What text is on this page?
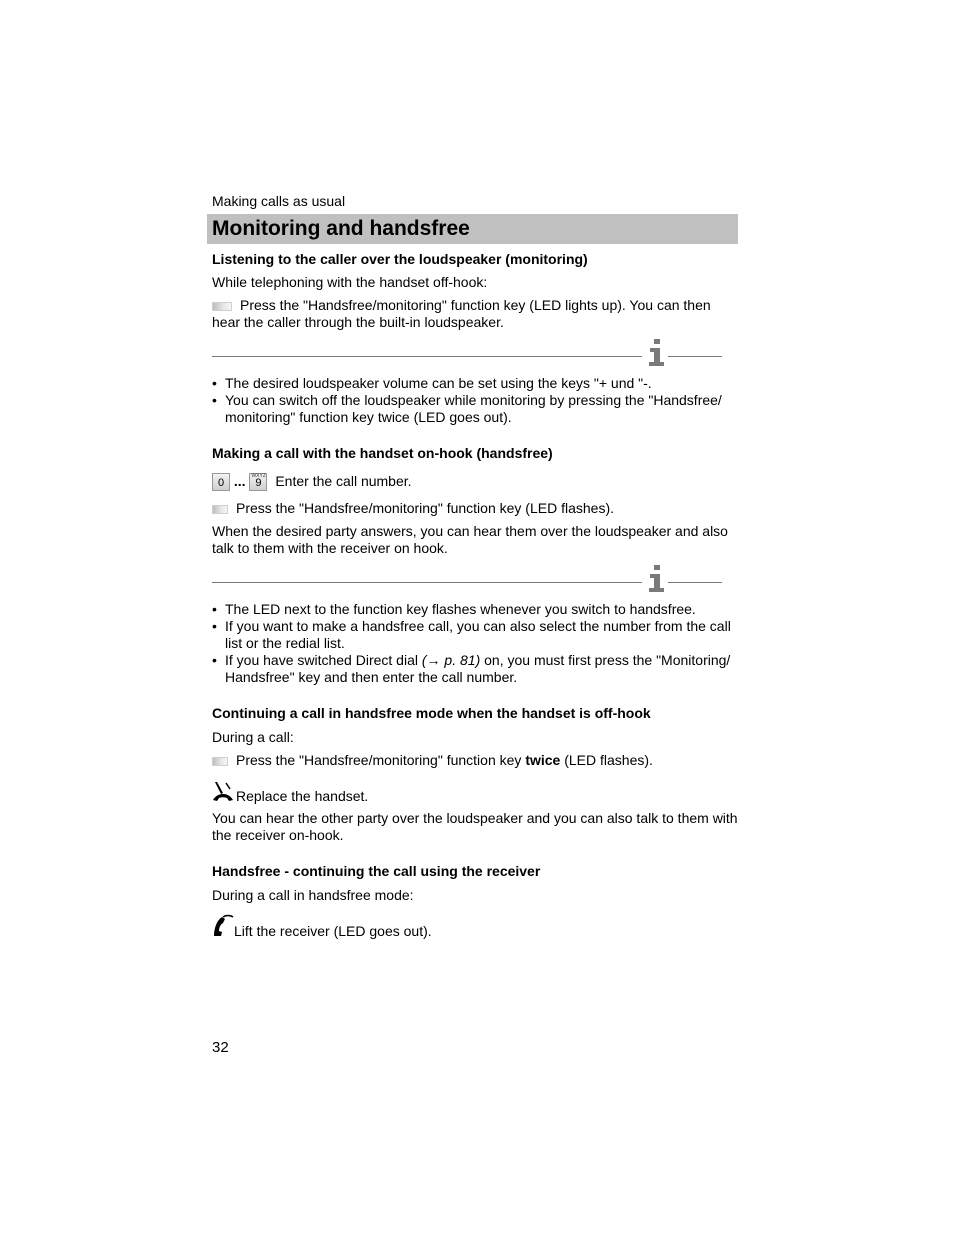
Making calls as usual
Monitoring and handsfree
Listening to the caller over the loudspeaker (monitoring)
While telephoning with the handset off-hook:
Press the "Handsfree/monitoring" function key (LED lights up). You can then hear the caller through the built-in loudspeaker.
• The desired loudspeaker volume can be set using the keys "+ und "-.
• You can switch off the loudspeaker while monitoring by pressing the "Handsfree/ monitoring" function key twice (LED goes out).
Making a call with the handset on-hook (handsfree)
0 ... WXYZ
9 Enter the call number.
Press the "Handsfree/monitoring" function key (LED flashes).
When the desired party answers, you can hear them over the loudspeaker and also talk to them with the receiver on hook.
• The LED next to the function key flashes whenever you switch to handsfree.
• If you want to make a handsfree call, you can also select the number from the call list or the redial list.
• If you have switched Direct dial (→ p. 81) on, you must first press the "Monitoring/ Handsfree" key and then enter the call number.
Continuing a call in handsfree mode when the handset is off-hook
During a call:
Press the "Handsfree/monitoring" function key twice (LED flashes).
Replace the handset.
You can hear the other party over the loudspeaker and you can also talk to them with the receiver on-hook.
Handsfree - continuing the call using the receiver
During a call in handsfree mode:
Lift the receiver (LED goes out).
32
